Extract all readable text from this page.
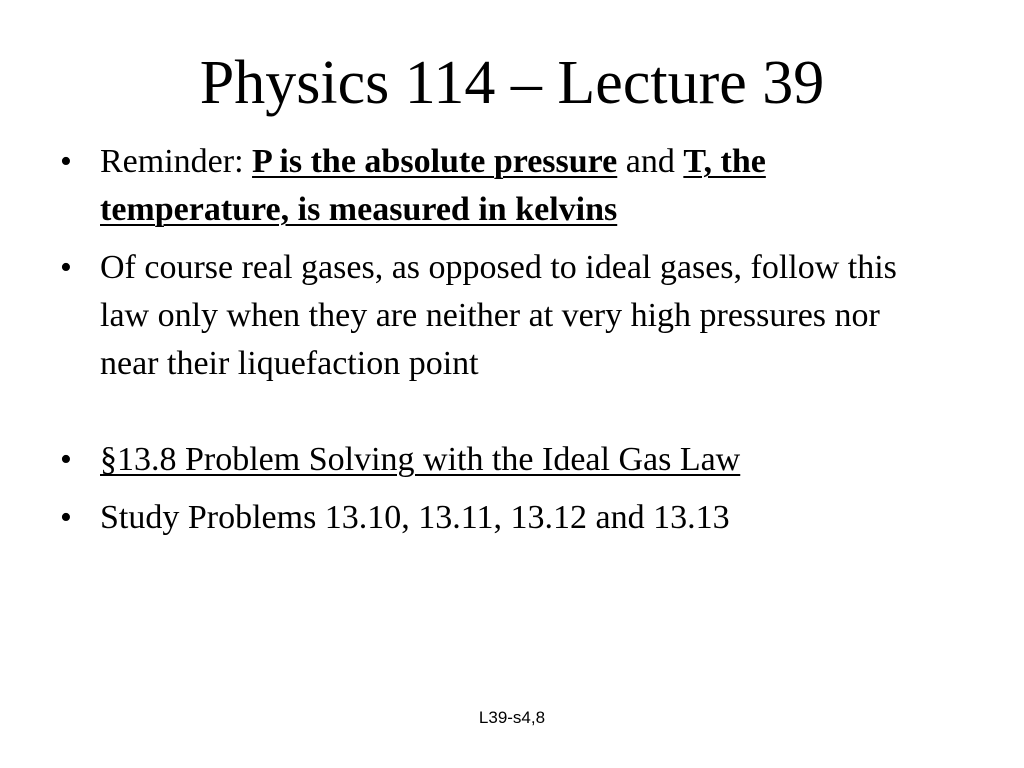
Physics 114 – Lecture 39
• Reminder: P is the absolute pressure and T, the temperature, is measured in kelvins
• Of course real gases, as opposed to ideal gases, follow this law only when they are neither at very high pressures nor near their liquefaction point
• §13.8 Problem Solving with the Ideal Gas Law
• Study Problems 13.10, 13.11, 13.12 and 13.13
L39-s4,8
